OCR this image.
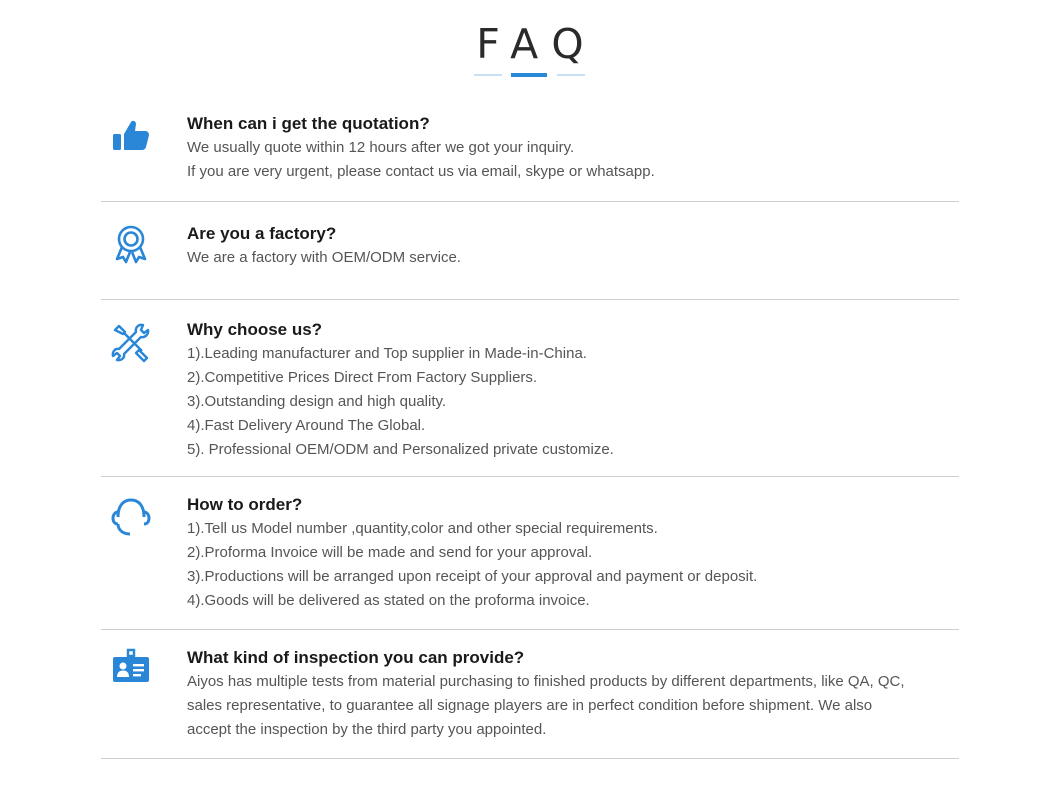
FAQ

When can i get the quotation?

We usually quote within 12 hours after we got your inquiry.
If you are very urgent, please contact us via email, skype or whatsapp.

Are you a factory?

We are a factory with OEM/ODM service.

Why choose us?

1).Leading manufacturer and Top supplier in Made-in-China.
2).Competitive Prices Direct From Factory Suppliers.
3).Outstanding design and high quality.
4).Fast Delivery Around The Global.
5). Professional OEM/ODM and Personalized private customize.

How to order?

1).Tell us Model number ,quantity,color and other special requirements.
2).Proforma Invoice will be made and send for your approval.
3).Productions will be arranged upon receipt of your approval and payment or deposit.
4).Goods will be delivered as stated on the proforma invoice.

What kind of inspection you can provide?

Aiyos has multiple tests from material purchasing to finished products by different departments, like QA, QC,
sales representative, to guarantee all signage players are in perfect condition before shipment. We also
accept the inspection by the third party you appointed.
